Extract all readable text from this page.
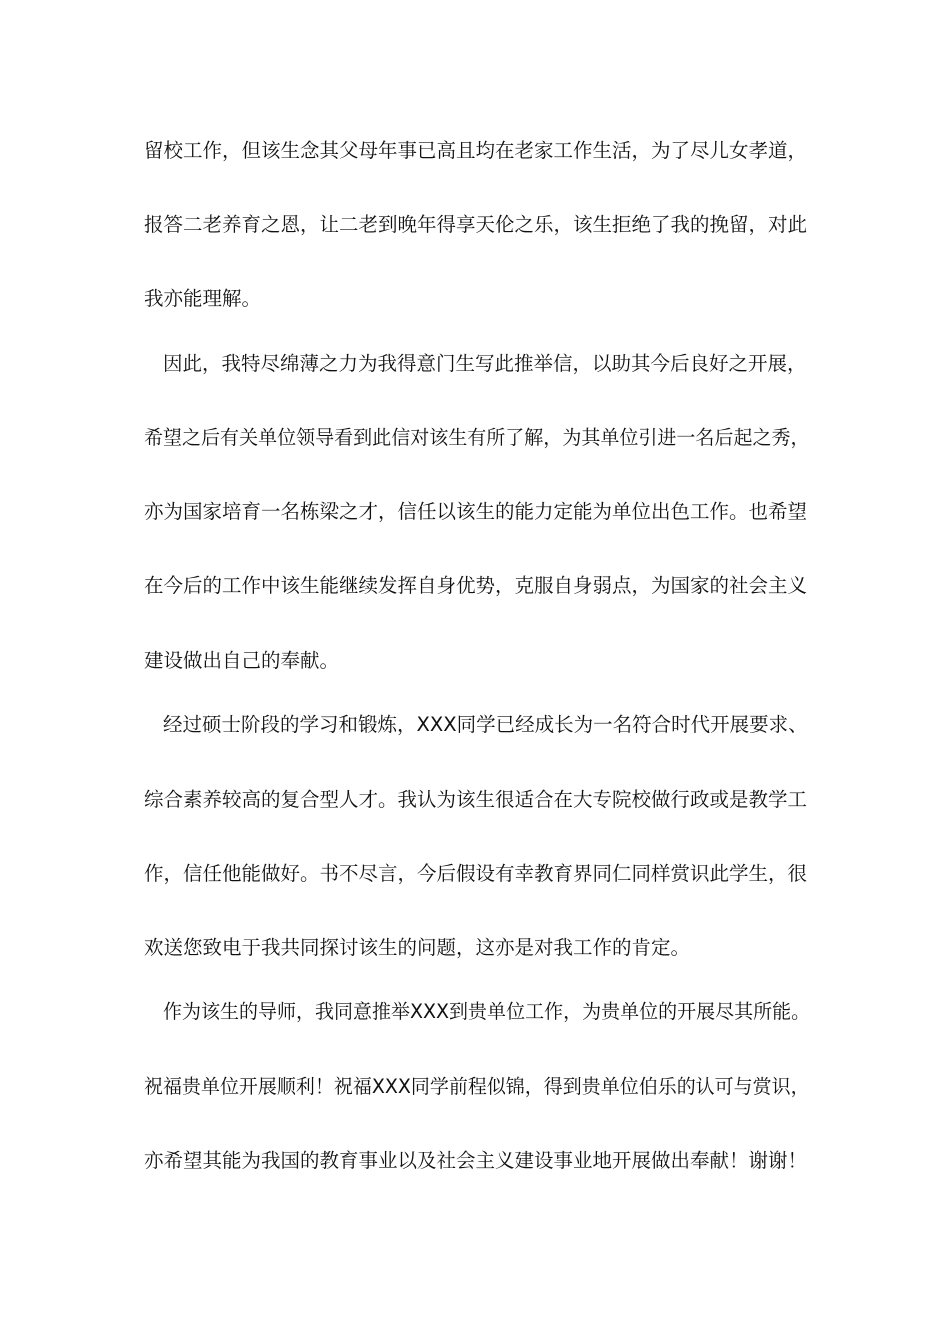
留校工作，但该生念其父母年事已高且均在老家工作生活，为了尽儿女孝道，
报答二老养育之恩，让二老到晚年得享天伦之乐，该生拒绝了我的挽留，对此
我亦能理解。
因此，我特尽绵薄之力为我得意门生写此推举信，以助其今后良好之开展，
希望之后有关单位领导看到此信对该生有所了解，为其单位引进一名后起之秀，
亦为国家培育一名栋梁之才，信任以该生的能力定能为单位出色工作。也希望
在今后的工作中该生能继续发挥自身优势，克服自身弱点，为国家的社会主义
建设做出自己的奉献。
经过硕士阶段的学习和锻炼，XXX同学已经成长为一名符合时代开展要求、
综合素养较高的复合型人才。我认为该生很适合在大专院校做行政或是教学工
作，信任他能做好。书不尽言，今后假设有幸教育界同仁同样赏识此学生，很
欢送您致电于我共同探讨该生的问题，这亦是对我工作的肯定。
作为该生的导师，我同意推举XXX到贵单位工作，为贵单位的开展尽其所能。
祝福贵单位开展顺利！祝福XXX同学前程似锦，得到贵单位伯乐的认可与赏识，
亦希望其能为我国的教育事业以及社会主义建设事业地开展做出奉献！谢谢！
